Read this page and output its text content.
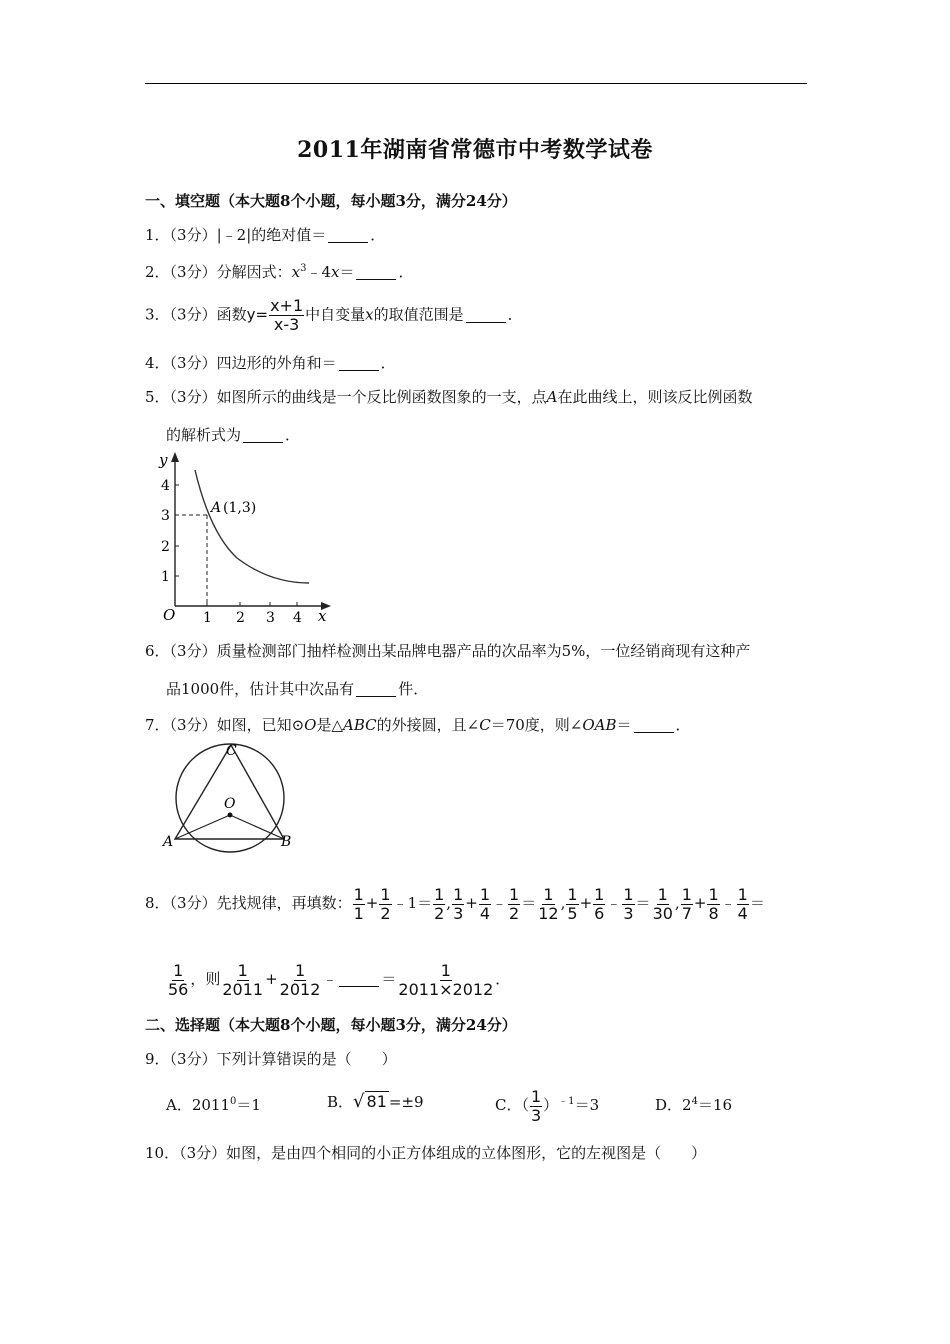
2011年湖南省常德市中考数学试卷
一、填空题（本大题8个小题，每小题3分，满分24分）
1．（3分）|﹣2|的绝对值＝	．
2．（3分）分解因式：$x^3﹣4x=$	．
3．（3分）函数$y= \frac{x+1}{x-3}$ 中自变量x的取值范围是	．
4．（3分）四边形的外角和＝	．
5．（3分）如图所示的曲线是一个反比例函数图象的一支，点A在此曲线上，则该反比例函数
的解析式为	．
1
2
3
4
1 2 3 4
O	x
y
A (1,3)
6．（3分）质量检测部门抽样检测出某品牌电器产品的次品率为5%，一位经销商现有这种产
品1000件，估计其中次品有	件．
7．（3分）如图，已知⊙O是△ABC的外接圆，且∠C＝70度，则∠OAB＝	．
C
O
A	B
8．（3分）先找规律，再填数： $\frac{1}{1} + \frac{1}{2}$ ﹣1＝ $\frac{1}{2}$ , $\frac{1}{3} + \frac{1}{4}$ ﹣ $\frac{1}{2} = \frac{1}{12}$ , $\frac{1}{5} + \frac{1}{6}$ ﹣ $\frac{1}{3} = \frac{1}{30}$ , $\frac{1}{7} + \frac{1}{8}$ ﹣ $\frac{1}{4}$ ＝
$\frac{1}{56}$ ，则 $\frac{1}{2011} + \frac{1}{2012}$ ﹣	＝ $\frac{1}{2011\times 2012}$ ．
二、选择题（本大题8个小题，每小题3分，满分24分）
9．（3分）下列计算错误的是（　　）
A．$2011^0=1$	B．√ 81 =±9	C．（ $\frac{1}{3} )^{﹣1}=3$	D．$2^4=16$
10．（3分）如图，是由四个相同的小正方体组成的立体图形，它的左视图是（　　）
